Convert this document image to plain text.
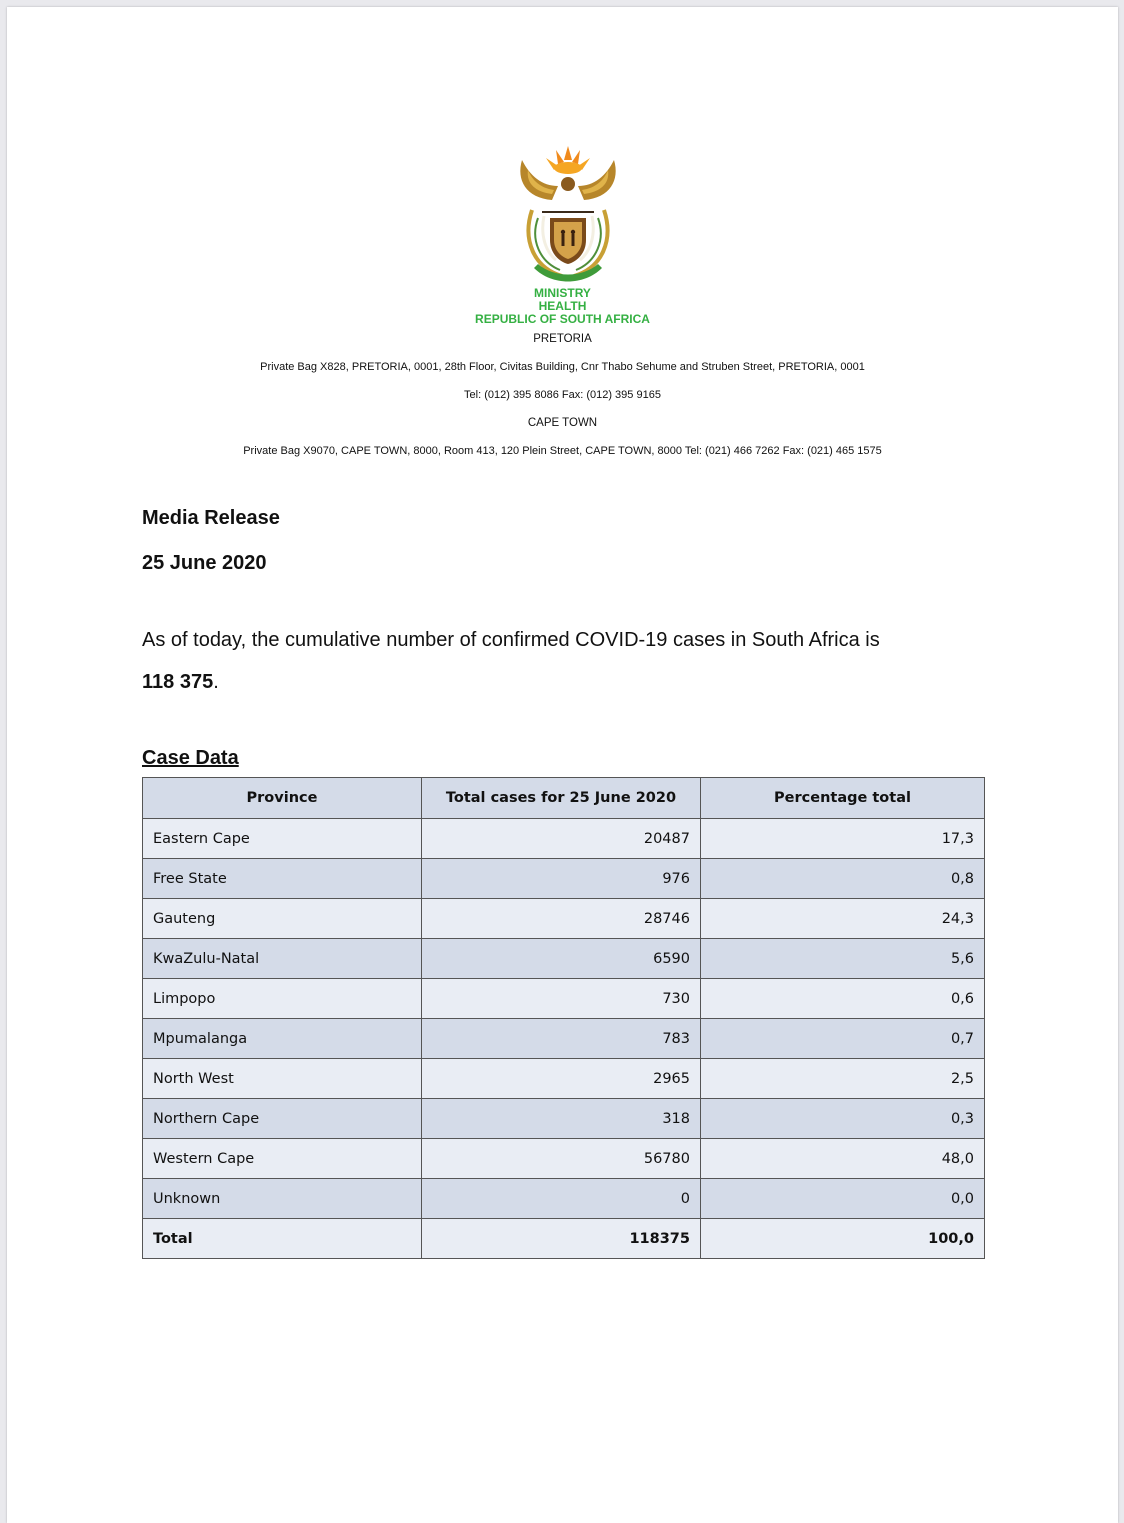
MINISTRY
HEALTH
REPUBLIC OF SOUTH AFRICA
PRETORIA
Private Bag X828, PRETORIA, 0001, 28th Floor, Civitas Building, Cnr Thabo Sehume and Struben Street, PRETORIA, 0001
Tel: (012) 395 8086 Fax: (012) 395 9165
CAPE TOWN
Private Bag X9070, CAPE TOWN, 8000, Room 413, 120 Plein Street, CAPE TOWN, 8000 Tel: (021) 466 7262 Fax: (021) 465 1575
Media Release
25 June 2020
As of today, the cumulative number of confirmed COVID-19 cases in South Africa is
118 375.
Case Data
Province	Total cases for 25 June 2020	Percentage total
Eastern Cape	20487	17,3
Free State	976	0,8
Gauteng	28746	24,3
KwaZulu-Natal	6590	5,6
Limpopo	730	0,6
Mpumalanga	783	0,7
North West	2965	2,5
Northern Cape	318	0,3
Western Cape	56780	48,0
Unknown	0	0,0
Total	118375	100,0
